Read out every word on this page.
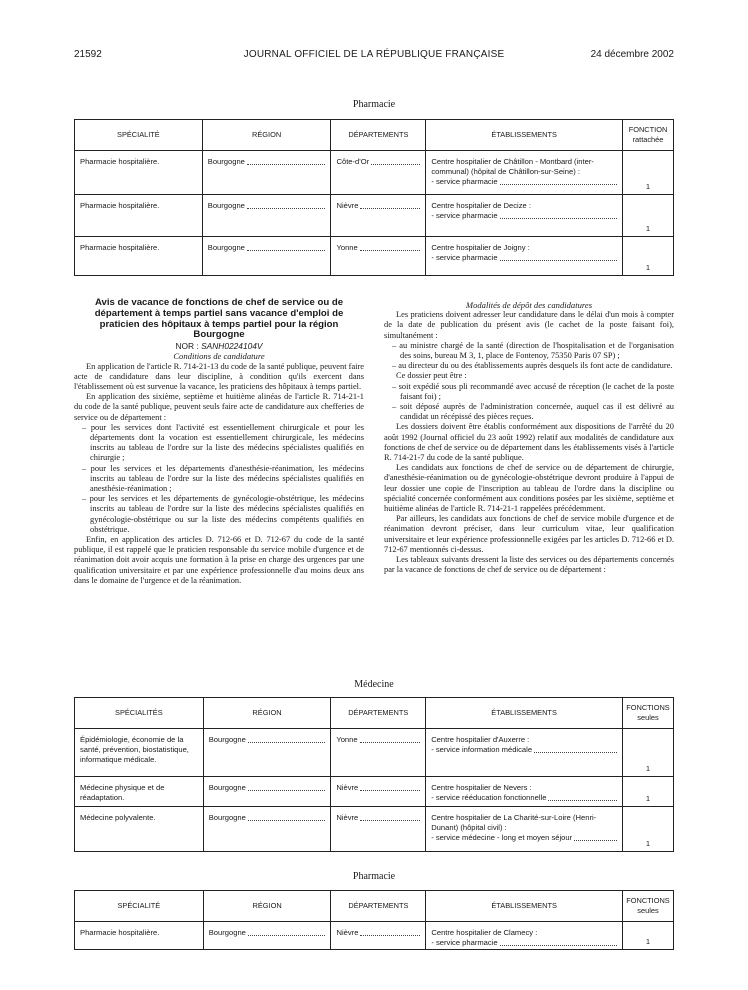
21592	JOURNAL OFFICIEL DE LA RÉPUBLIQUE FRANÇAISE	24 décembre 2002
Pharmacie
SPÉCIALITÉ	RÉGION	DÉPARTEMENTS	ÉTABLISSEMENTS	FONCTION rattachée
Pharmacie hospitalière.	Bourgogne	Côte-d'Or	Centre hospitalier de Châtillon - Montbard (inter-
communal) (hôpital de Châtillon-sur-Seine) :
- service pharmacie	1
Pharmacie hospitalière.	Bourgogne	Nièvre	Centre hospitalier de Decize :
- service pharmacie	1
Pharmacie hospitalière.	Bourgogne	Yonne	Centre hospitalier de Joigny :
- service pharmacie	1

Avis de vacance de fonctions de chef de service ou de département à temps partiel sans vacance d'emploi de praticien des hôpitaux à temps partiel pour la région Bourgogne

NOR : SANH0224104V

Conditions de candidature

En application de l'article R. 714-21-13 du code de la santé publique, peuvent faire acte de candidature dans leur discipline, à condition qu'ils exercent dans l'établissement où est survenue la vacance, les praticiens des hôpitaux à temps partiel.

En application des sixième, septième et huitième alinéas de l'article R. 714-21-1 du code de la santé publique, peuvent seuls faire acte de candidature aux chefferies de service ou de département :

– pour les services dont l'activité est essentiellement chirurgicale et pour les départements dont la vocation est essentiellement chirurgicale, les médecins inscrits au tableau de l'ordre sur la liste des médecins spécialistes qualifiés en chirurgie ;

– pour les services et les départements d'anesthésie-réanimation, les médecins inscrits au tableau de l'ordre sur la liste des médecins spécialistes qualifiés en anesthésie-réanimation ;

– pour les services et les départements de gynécologie-obstétrique, les médecins inscrits au tableau de l'ordre sur la liste des médecins spécialistes qualifiés en gynécologie-obstétrique ou sur la liste des médecins compétents qualifiés en obstétrique.

Enfin, en application des articles D. 712-66 et D. 712-67 du code de la santé publique, il est rappelé que le praticien responsable du service mobile d'urgence et de réanimation doit avoir acquis une formation à la prise en charge des urgences par une qualification universitaire et par une expérience professionnelle d'au moins deux ans dans le domaine de l'urgence et de la réanimation.

Modalités de dépôt des candidatures

Les praticiens doivent adresser leur candidature dans le délai d'un mois à compter de la date de publication du présent avis (le cachet de la poste faisant foi), simultanément :

– au ministre chargé de la santé (direction de l'hospitalisation et de l'organisation des soins, bureau M 3, 1, place de Fontenoy, 75350 Paris 07 SP) ;

– au directeur du ou des établissements auprès desquels ils font acte de candidature.

Ce dossier peut être :

– soit expédié sous pli recommandé avec accusé de réception (le cachet de la poste faisant foi) ;

– soit déposé auprès de l'administration concernée, auquel cas il est délivré au candidat un récépissé des pièces reçues.

Les dossiers doivent être établis conformément aux dispositions de l'arrêté du 20 août 1992 (Journal officiel du 23 août 1992) relatif aux modalités de candidature aux fonctions de chef de service ou de département dans les établissements visés à l'article R. 714-21-7 du code de la santé publique.

Les candidats aux fonctions de chef de service ou de département de chirurgie, d'anesthésie-réanimation ou de gynécologie-obstétrique devront produire à l'appui de leur dossier une copie de l'inscription au tableau de l'ordre dans la discipline ou spécialité concernée conformément aux conditions posées par les sixième, septième et huitième alinéas de l'article R. 714-21-1 rappelées précédemment.

Par ailleurs, les candidats aux fonctions de chef de service mobile d'urgence et de réanimation devront préciser, dans leur curriculum vitae, leur qualification universitaire et leur expérience professionnelle exigées par les articles D. 712-66 et D. 712-67 mentionnés ci-dessus.

Les tableaux suivants dressent la liste des services ou des départements concernés par la vacance de fonctions de chef de service ou de département :

Médecine
SPÉCIALITÉS	RÉGION	DÉPARTEMENTS	ÉTABLISSEMENTS	FONCTIONS seules
Épidémiologie, économie de la santé, prévention, biostatistique, informatique médicale.	Bourgogne	Yonne	Centre hospitalier d'Auxerre :
- service information médicale	1
Médecine physique et de réadaptation.	Bourgogne	Nièvre	Centre hospitalier de Nevers :
- service rééducation fonctionnelle	1
Médecine polyvalente.	Bourgogne	Nièvre	Centre hospitalier de La Charité-sur-Loire (Henri-
Dunant) (hôpital civil) :
- service médecine - long et moyen séjour	1
Pharmacie
SPÉCIALITÉ	RÉGION	DÉPARTEMENTS	ÉTABLISSEMENTS	FONCTIONS seules
Pharmacie hospitalière.	Bourgogne	Nièvre	Centre hospitalier de Clamecy :
- service pharmacie	1
